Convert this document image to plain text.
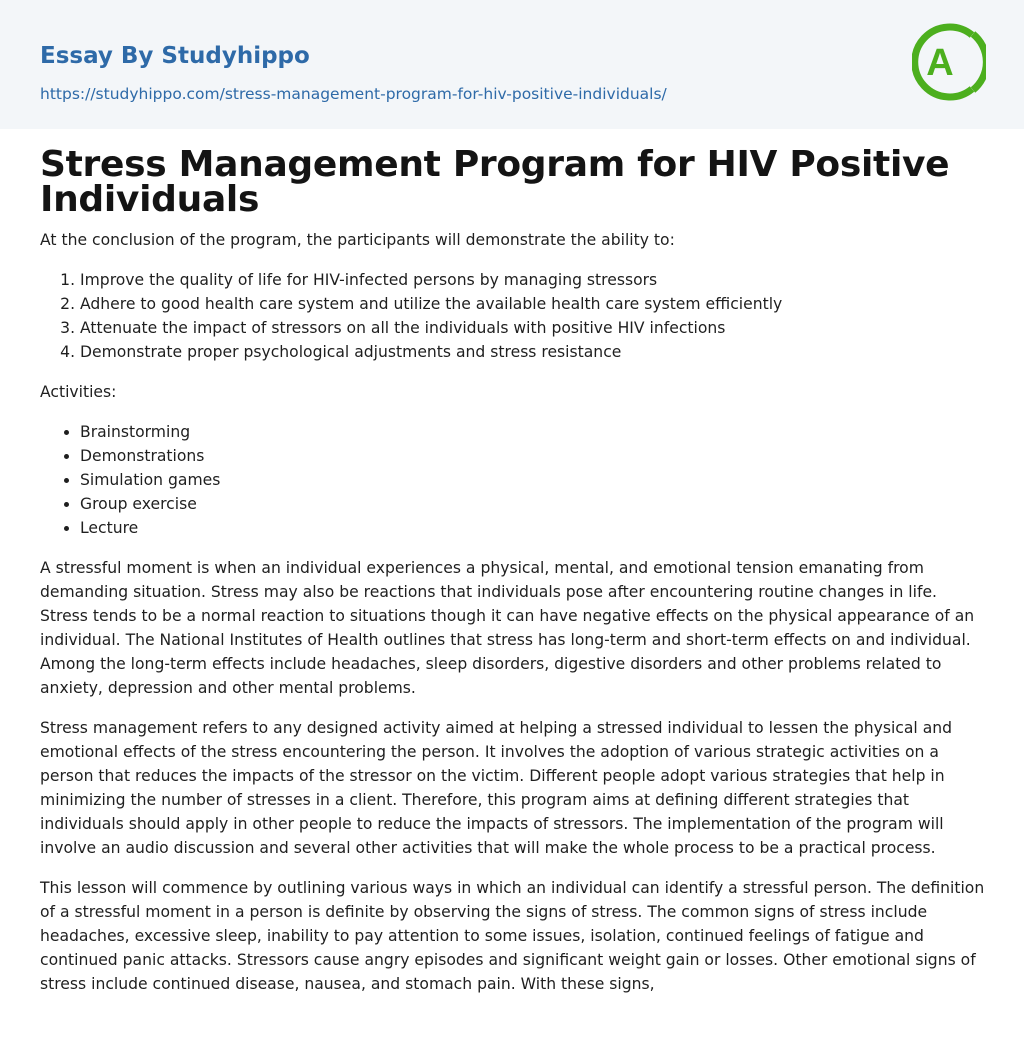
Essay By Studyhippo
https://studyhippo.com/stress-management-program-for-hiv-positive-individuals/
A
Stress Management Program for HIV Positive Individuals

At the conclusion of the program, the participants will demonstrate the ability to:

1. Improve the quality of life for HIV-infected persons by managing stressors
2. Adhere to good health care system and utilize the available health care system efficiently
3. Attenuate the impact of stressors on all the individuals with positive HIV infections
4. Demonstrate proper psychological adjustments and stress resistance

Activities:

• Brainstorming
• Demonstrations
• Simulation games
• Group exercise
• Lecture

A stressful moment is when an individual experiences a physical, mental, and emotional tension emanating from demanding situation. Stress may also be reactions that individuals pose after encountering routine changes in life. Stress tends to be a normal reaction to situations though it can have negative effects on the physical appearance of an individual. The National Institutes of Health outlines that stress has long-term and short-term effects on and individual. Among the long-term effects include headaches, sleep disorders, digestive disorders and other problems related to anxiety, depression and other mental problems.

Stress management refers to any designed activity aimed at helping a stressed individual to lessen the physical and emotional effects of the stress encountering the person. It involves the adoption of various strategic activities on a person that reduces the impacts of the stressor on the victim. Different people adopt various strategies that help in minimizing the number of stresses in a client. Therefore, this program aims at defining different strategies that individuals should apply in other people to reduce the impacts of stressors. The implementation of the program will involve an audio discussion and several other activities that will make the whole process to be a practical process.

This lesson will commence by outlining various ways in which an individual can identify a stressful person. The definition of a stressful moment in a person is definite by observing the signs of stress. The common signs of stress include headaches, excessive sleep, inability to pay attention to some issues, isolation, continued feelings of fatigue and continued panic attacks. Stressors cause angry episodes and significant weight gain or losses. Other emotional signs of stress include continued disease, nausea, and stomach pain. With these signs,
